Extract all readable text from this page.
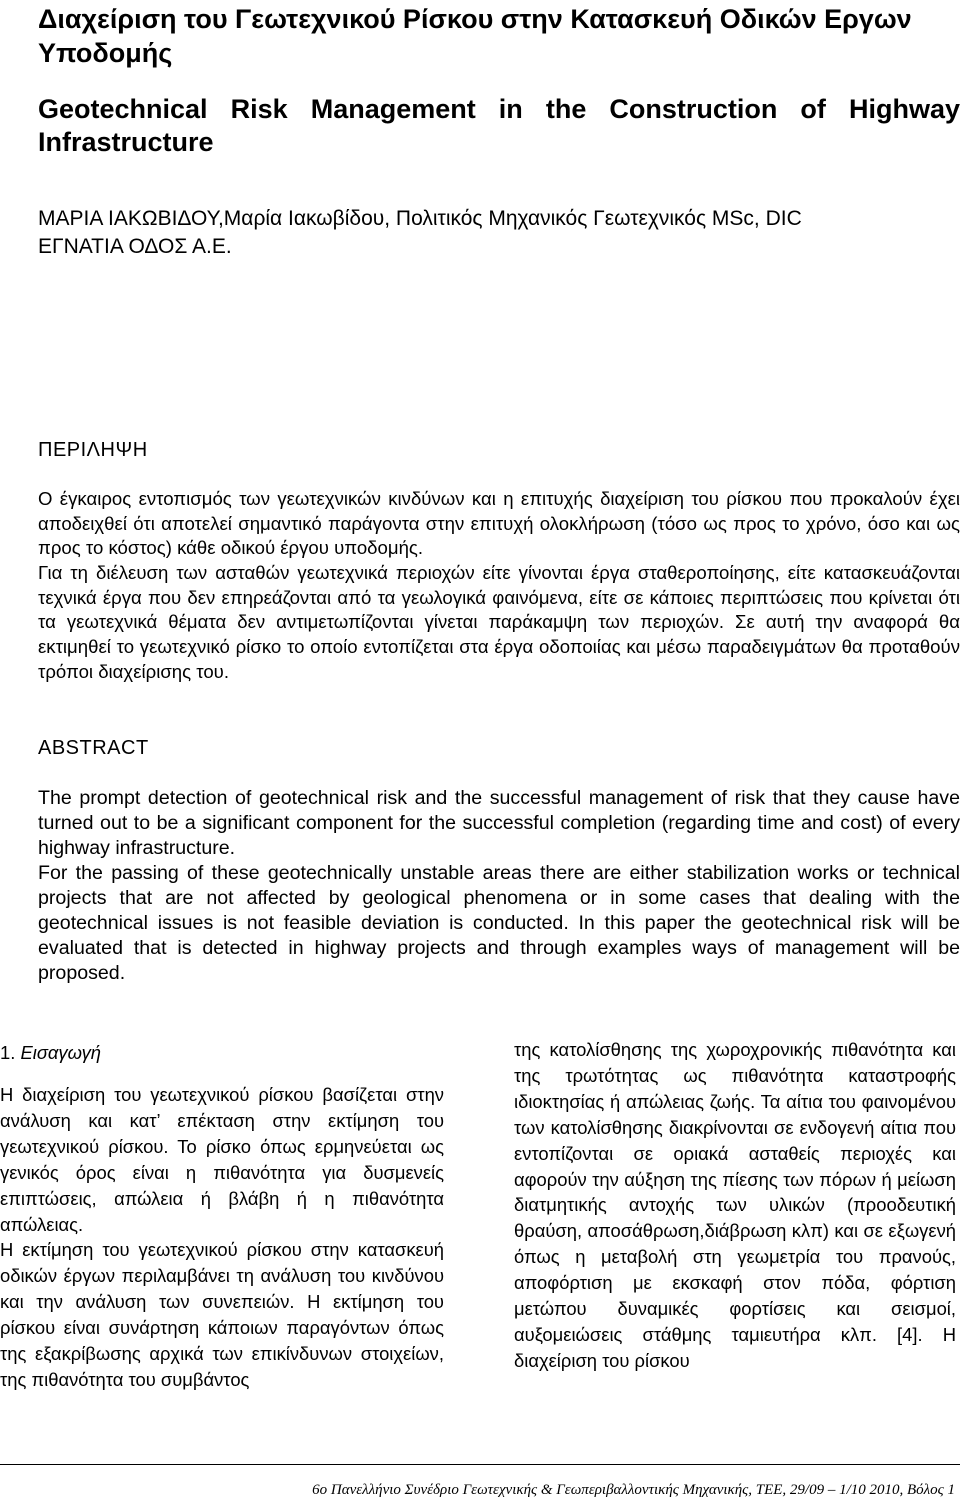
Διαχείριση του Γεωτεχνικού Ρίσκου στην Κατασκευή Οδικών Εργων Υποδομής
Geotechnical Risk Management in the Construction of Highway Infrastructure
ΜΑΡΙΑ ΙΑΚΩΒΙΔΟΥ,Μαρία Ιακωβίδου, Πολιτικός Μηχανικός Γεωτεχνικός MSc, DIC
ΕΓΝΑΤΙΑ ΟΔΟΣ Α.Ε.
ΠΕΡΙΛΗΨΗ

Ο έγκαιρος εντοπισμός των γεωτεχνικών κινδύνων και η επιτυχής διαχείριση του ρίσκου που προκαλούν έχει αποδειχθεί ότι αποτελεί σημαντικό παράγοντα στην επιτυχή ολοκλήρωση (τόσο ως προς το χρόνο, όσο και ως προς το κόστος) κάθε οδικού έργου υποδομής.

Για τη διέλευση των ασταθών γεωτεχνικά περιοχών είτε γίνονται έργα σταθεροποίησης, είτε κατασκευάζονται τεχνικά έργα που δεν επηρεάζονται από τα γεωλογικά φαινόμενα, είτε σε κάποιες περιπτώσεις που κρίνεται ότι τα γεωτεχνικά θέματα δεν αντιμετωπίζονται γίνεται παράκαμψη των περιοχών. Σε αυτή την αναφορά θα εκτιμηθεί το γεωτεχνικό ρίσκο το οποίο εντοπίζεται στα έργα οδοποιίας και μέσω παραδειγμάτων θα προταθούν τρόποι διαχείρισης του.

ABSTRACT

The prompt detection of geotechnical risk and the successful management of risk that they cause have turned out to be a significant component for the successful completion (regarding time and cost) of every highway infrastructure.

For the passing of these geotechnically unstable areas there are either stabilization works or technical projects that are not affected by geological phenomena or in some cases that dealing with the geotechnical issues is not feasible deviation is conducted. In this paper the geotechnical risk will be evaluated that is detected in highway projects and through examples ways of management will be proposed.

1. Εισαγωγή

Η διαχείριση του γεωτεχνικού ρίσκου βασίζεται στην ανάλυση και κατ’ επέκταση στην εκτίμηση του γεωτεχνικού ρίσκου. Το ρίσκο όπως ερμηνεύεται ως γενικός όρος είναι η πιθανότητα για δυσμενείς επιπτώσεις, απώλεια ή βλάβη ή η πιθανότητα απώλειας.

Η εκτίμηση του γεωτεχνικού ρίσκου στην κατασκευή οδικών έργων περιλαμβάνει τη ανάλυση του κινδύνου και την ανάλυση των συνεπειών. Η εκτίμηση του ρίσκου είναι συνάρτηση κάποιων παραγόντων όπως της εξακρίβωσης αρχικά των επικίνδυνων στοιχείων, της πιθανότητα του συμβάντος

της κατολίσθησης της χωροχρονικής πιθανότητα και της τρωτότητας ως πιθανότητα καταστροφής ιδιοκτησίας ή απώλειας ζωής. Τα αίτια του φαινομένου των κατολίσθησης διακρίνονται σε ενδογενή αίτια που εντοπίζονται σε οριακά ασταθείς περιοχές και αφορούν την αύξηση της πίεσης των πόρων ή μείωση διατμητικής αντοχής των υλικών (προοδευτική θραύση, αποσάθρωση,διάβρωση κλπ) και σε εξωγενή όπως η μεταβολή στη γεωμετρία του πρανούς, αποφόρτιση με εκσκαφή στον πόδα, φόρτιση μετώπου δυναμικές φορτίσεις και σεισμοί, αυξομειώσεις στάθμης ταμιευτήρα κλπ. [4]. Η διαχείριση του ρίσκου

6ο Πανελλήνιο Συνέδριο Γεωτεχνικής & Γεωπεριβαλλοντικής Μηχανικής, ΤΕΕ, 29/09 – 1/10 2010, Βόλος 1
